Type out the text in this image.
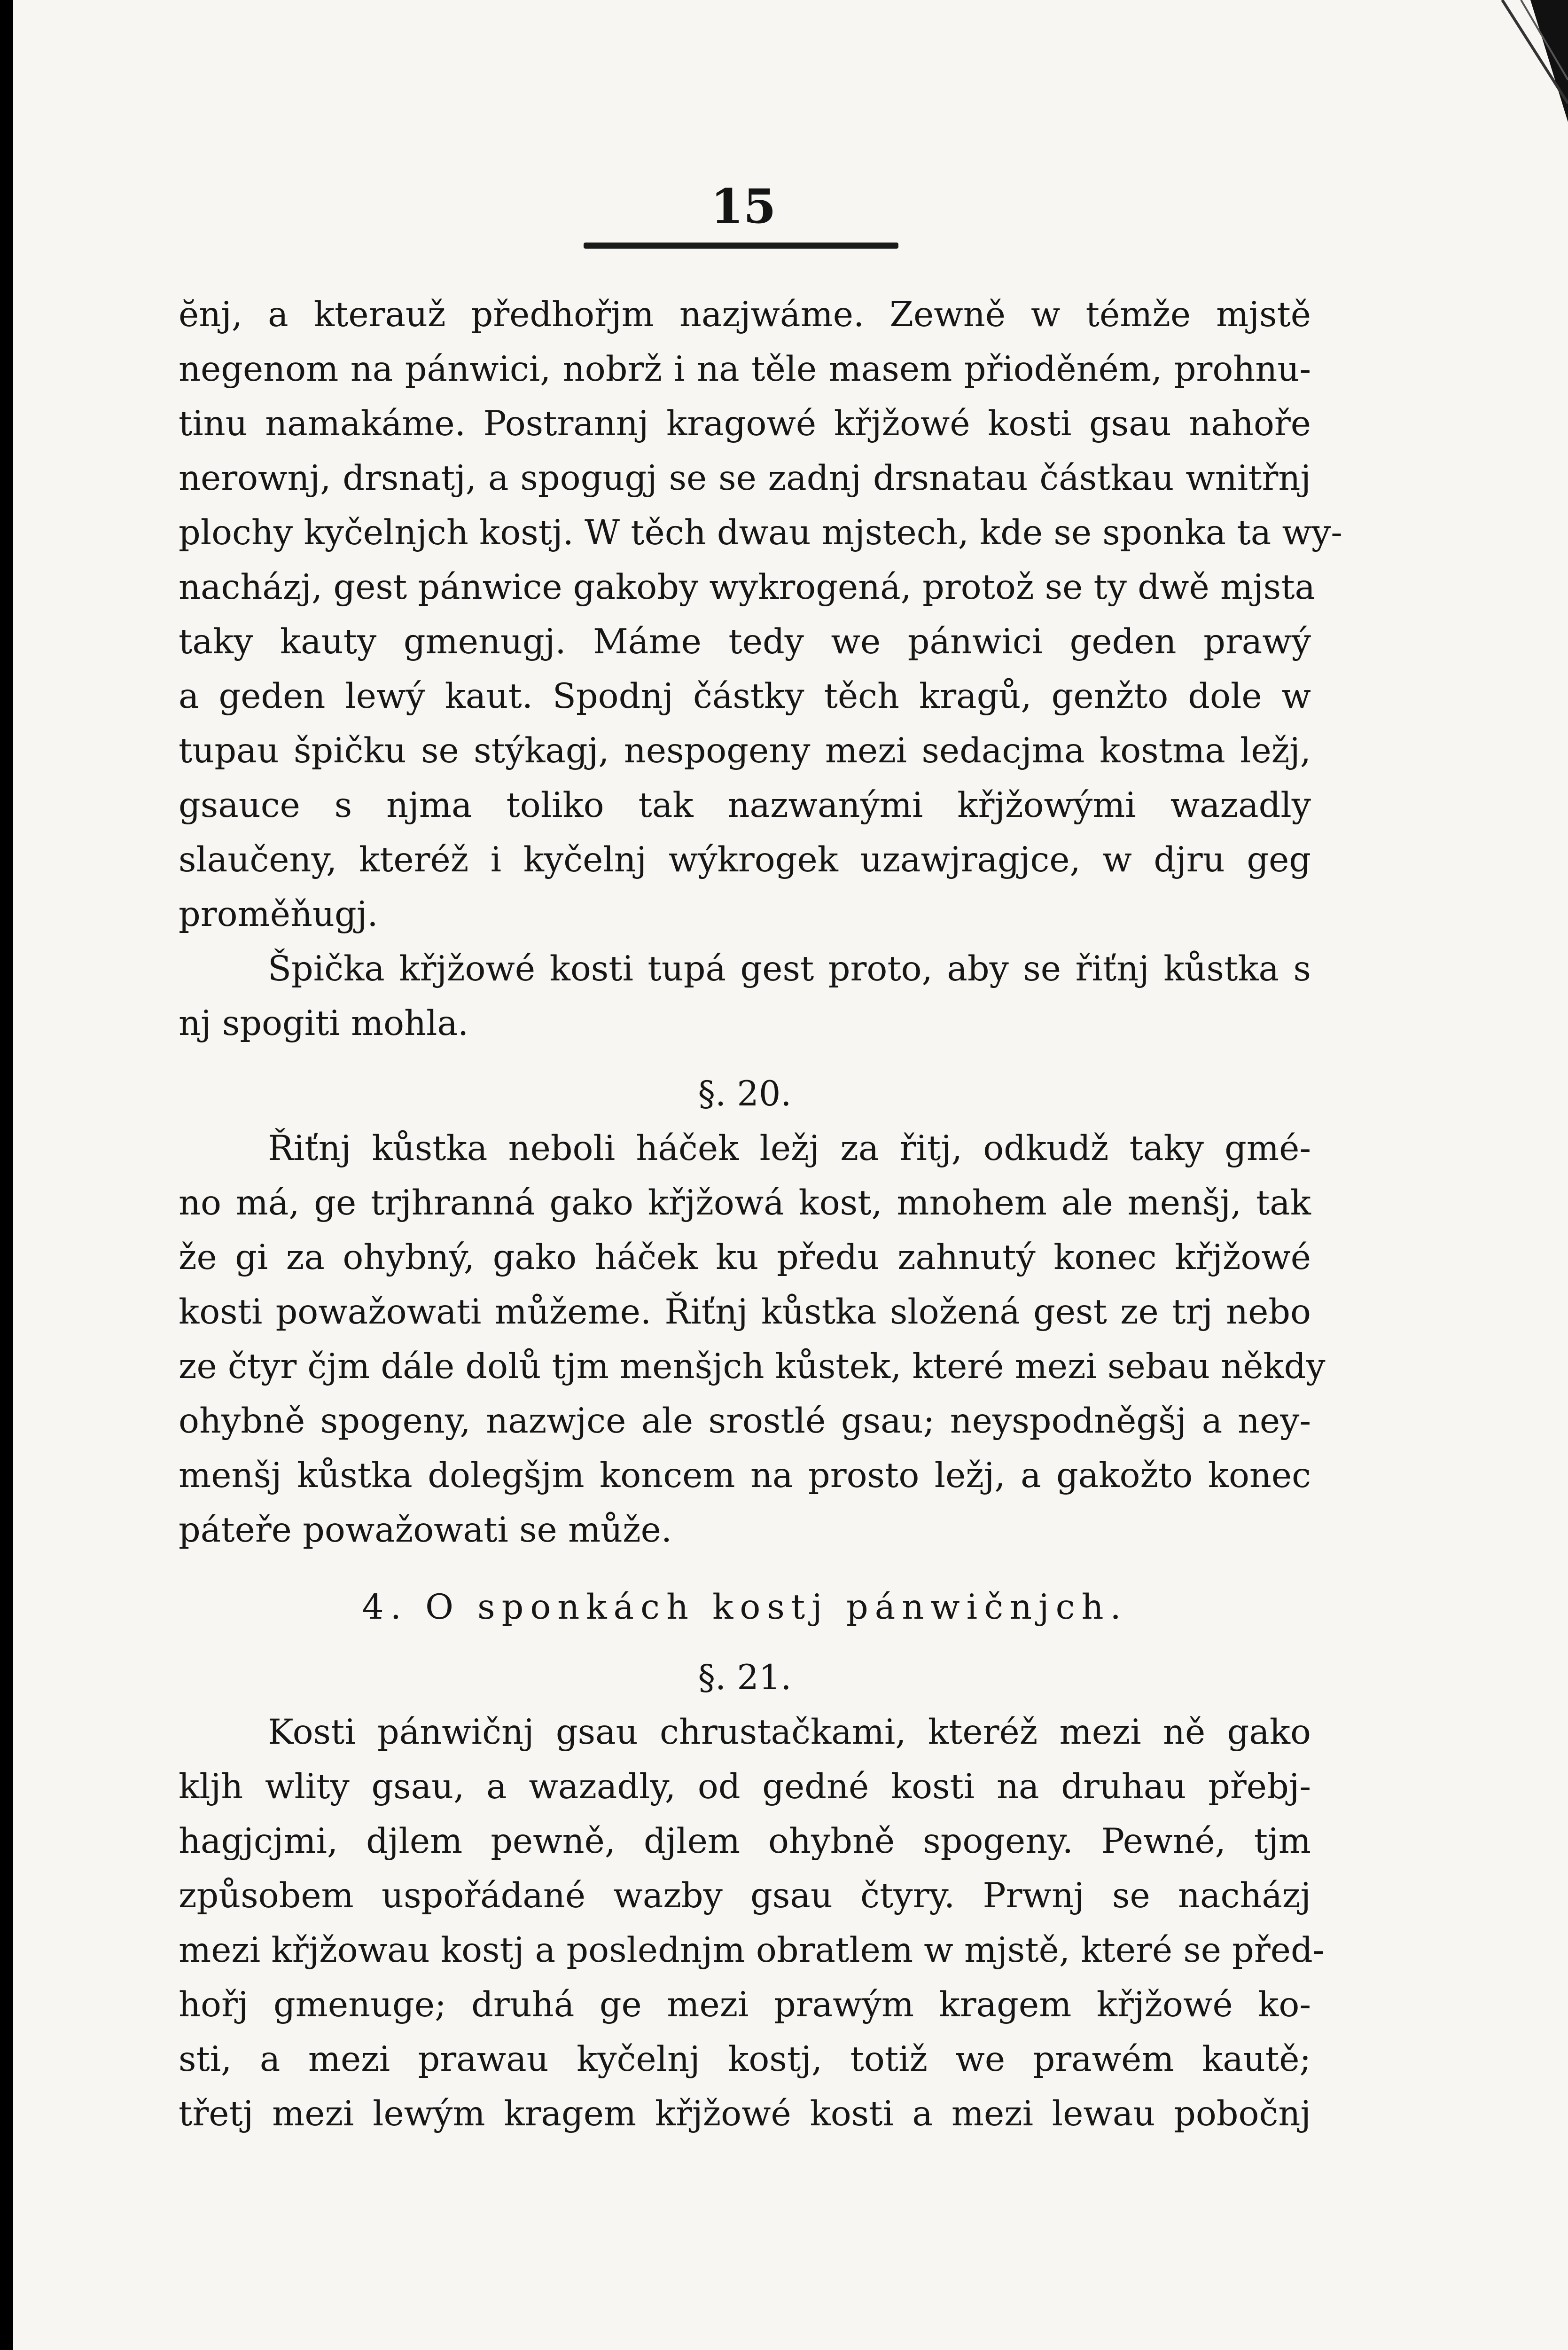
15
ĕnj, a kterauž předhořjm nazjwáme. Zewně w témže mjstě
negenom na pánwici, nobrž i na těle masem přioděném, prohnu-
tinu namakáme. Postrannj kragowé křjžowé kosti gsau nahoře
nerownj, drsnatj, a spogugj se se zadnj drsnatau částkau wnitřnj
plochy kyčelnjch kostj. W těch dwau mjstech, kde se sponka ta wy-
nacházj, gest pánwice gakoby wykrogená, protož se ty dwě mjsta
taky kauty gmenugj. Máme tedy we pánwici geden prawý
a geden lewý kaut. Spodnj částky těch kragů, genžto dole w
tupau špičku se stýkagj, nespogeny mezi sedacjma kostma ležj,
gsauce s njma toliko tak nazwanými křjžowými wazadly
slaučeny, kteréž i kyčelnj wýkrogek uzawjragjce, w djru geg
proměňugj.
Špička křjžowé kosti tupá gest proto, aby se řiťnj kůstka s
nj spogiti mohla.
§. 20.
Řiťnj kůstka neboli háček ležj za řitj, odkudž taky gmé-
no má, ge trjhranná gako křjžowá kost, mnohem ale menšj, tak
že gi za ohybný, gako háček ku předu zahnutý konec křjžowé
kosti powažowati můžeme. Řiťnj kůstka složená gest ze trj nebo
ze čtyr čjm dále dolů tjm menšjch kůstek, které mezi sebau někdy
ohybně spogeny, nazwjce ale srostlé gsau; neyspodněgšj a ney-
menšj kůstka dolegšjm koncem na prosto ležj, a gakožto konec
páteře powažowati se může.
4. O sponkách kostj pánwičnjch.
§. 21.
Kosti pánwičnj gsau chrustačkami, kteréž mezi ně gako
kljh wlity gsau, a wazadly, od gedné kosti na druhau přebj-
hagjcjmi, djlem pewně, djlem ohybně spogeny. Pewné, tjm
způsobem uspořádané wazby gsau čtyry. Prwnj se nacházj
mezi křjžowau kostj a poslednjm obratlem w mjstě, které se před-
hořj gmenuge; druhá ge mezi prawým kragem křjžowé ko-
sti, a mezi prawau kyčelnj kostj, totiž we prawém kautě;
třetj mezi lewým kragem křjžowé kosti a mezi lewau pobočnj
